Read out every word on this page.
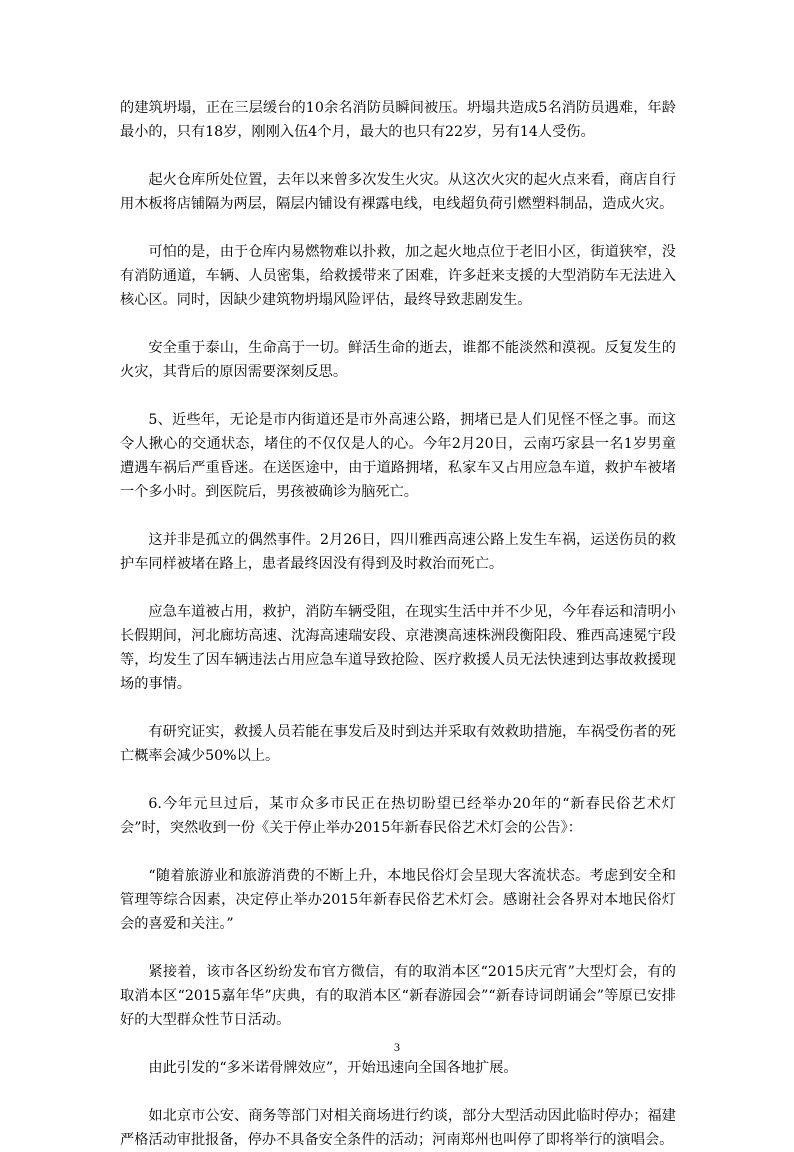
的建筑坍塌，正在三层缓台的10余名消防员瞬间被压。坍塌共造成5名消防员遇难，年龄最小的，只有18岁，刚刚入伍4个月，最大的也只有22岁，另有14人受伤。

起火仓库所处位置，去年以来曾多次发生火灾。从这次火灾的起火点来看，商店自行用木板将店铺隔为两层，隔层内铺设有裸露电线，电线超负荷引燃塑料制品，造成火灾。

可怕的是，由于仓库内易燃物难以扑救，加之起火地点位于老旧小区，街道狭窄，没有消防通道，车辆、人员密集，给救援带来了困难，许多赶来支援的大型消防车无法进入核心区。同时，因缺少建筑物坍塌风险评估，最终导致悲剧发生。

安全重于泰山，生命高于一切。鲜活生命的逝去，谁都不能淡然和漠视。反复发生的火灾，其背后的原因需要深刻反思。

5、近些年，无论是市内街道还是市外高速公路，拥堵已是人们见怪不怪之事。而这令人揪心的交通状态，堵住的不仅仅是人的心。今年2月20日，云南巧家县一名1岁男童遭遇车祸后严重昏迷。在送医途中，由于道路拥堵，私家车又占用应急车道，救护车被堵一个多小时。到医院后，男孩被确诊为脑死亡。

这并非是孤立的偶然事件。2月26日，四川雅西高速公路上发生车祸，运送伤员的救护车同样被堵在路上，患者最终因没有得到及时救治而死亡。

应急车道被占用，救护，消防车辆受阻，在现实生活中并不少见，今年春运和清明小长假期间，河北廊坊高速、沈海高速瑞安段、京港澳高速株洲段衡阳段、雅西高速冕宁段等，均发生了因车辆违法占用应急车道导致抢险、医疗救援人员无法快速到达事故救援现场的事情。

有研究证实，救援人员若能在事发后及时到达并采取有效救助措施，车祸受伤者的死亡概率会减少50%以上。

6.今年元旦过后，某市众多市民正在热切盼望已经举办20年的“新春民俗艺术灯会”时，突然收到一份《关于停止举办2015年新春民俗艺术灯会的公告》：

“随着旅游业和旅游消费的不断上升，本地民俗灯会呈现大客流状态。考虑到安全和管理等综合因素，决定停止举办2015年新春民俗艺术灯会。感谢社会各界对本地民俗灯会的喜爱和关注。”

紧接着，该市各区纷纷发布官方微信，有的取消本区“2015庆元宵”大型灯会，有的取消本区“2015嘉年华”庆典，有的取消本区“新春游园会”“新春诗词朗诵会”等原已安排好的大型群众性节日活动。

由此引发的“多米诺骨牌效应”，开始迅速向全国各地扩展。

如北京市公安、商务等部门对相关商场进行约谈，部分大型活动因此临时停办；福建严格活动审批报备，停办不具备安全条件的活动；河南郑州也叫停了即将举行的演唱会。

3
